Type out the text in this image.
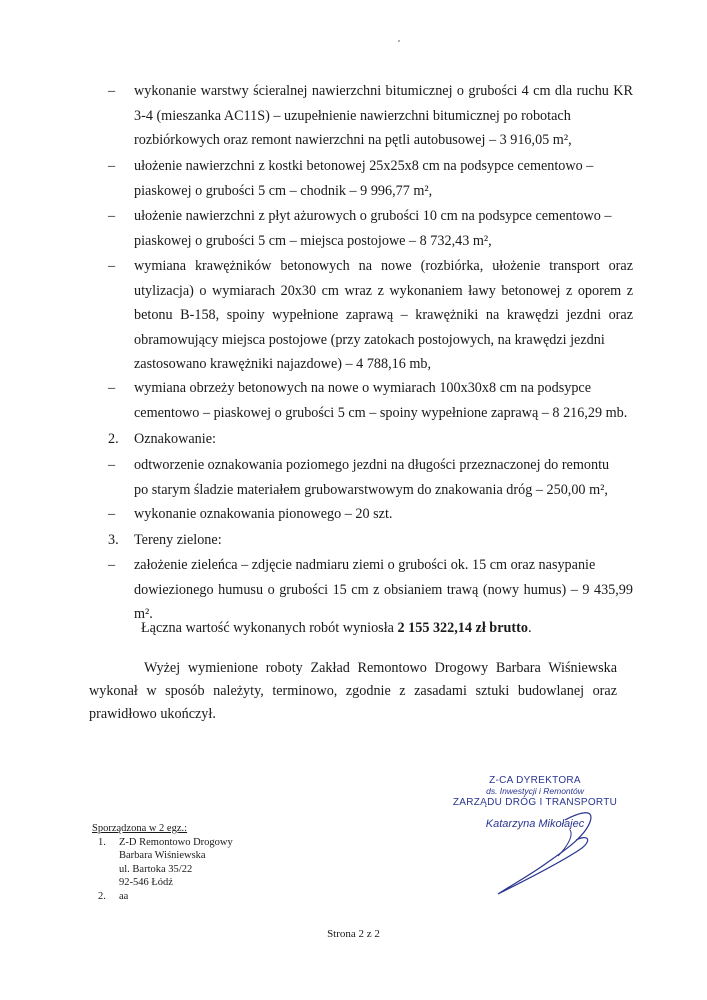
– wykonanie warstwy ścieralnej nawierzchni bitumicznej o grubości 4 cm dla ruchu KR 3-4 (mieszanka AC11S) – uzupełnienie nawierzchni bitumicznej po robotach
rozbiórkowych oraz remont nawierzchni na pętli autobusowej – 3 916,05 m²,
– ułożenie nawierzchni z kostki betonowej 25x25x8 cm na podsypce cementowo –
piaskowej o grubości 5 cm – chodnik – 9 996,77 m²,
– ułożenie nawierzchni z płyt ażurowych o grubości 10 cm na podsypce cementowo –
piaskowej o grubości 5 cm – miejsca postojowe – 8 732,43 m²,
– wymiana krawężników betonowych na nowe (rozbiórka, ułożenie transport oraz utylizacja) o wymiarach 20x30 cm wraz z wykonaniem ławy betonowej z oporem z betonu B-158, spoiny wypełnione zaprawą – krawężniki na krawędzi jezdni oraz obramowujący miejsca postojowe (przy zatokach postojowych, na krawędzi jezdni
zastosowano krawężniki najazdowe) – 4 788,16 mb,
– wymiana obrzeży betonowych na nowe o wymiarach 100x30x8 cm na podsypce
cementowo – piaskowej o grubości 5 cm – spoiny wypełnione zaprawą – 8 216,29 mb.
2. Oznakowanie:
– odtworzenie oznakowania poziomego jezdni na długości przeznaczonej do remontu
po starym śladzie materiałem grubowarstwowym do znakowania dróg – 250,00 m²,
– wykonanie oznakowania pionowego – 20 szt.
3. Tereny zielone:
– założenie zieleńca – zdjęcie nadmiaru ziemi o grubości ok. 15 cm oraz nasypanie
dowiezionego humusu o grubości 15 cm z obsianiem trawą (nowy humus) – 9 435,99 m².
Łączna wartość wykonanych robót wyniosła 2 155 322,14 zł brutto.
Wyżej wymienione roboty Zakład Remontowo Drogowy Barbara Wiśniewska wykonał w sposób należyty, terminowo, zgodnie z zasadami sztuki budowlanej oraz prawidłowo ukończył.
Z-CA DYREKTORA
ds. Inwestycji i Remontów
ZARZĄDU DRÓG I TRANSPORTU
Katarzyna Mikołajec
Sporządzona w 2 egz.:
1. Z-D Remontowo Drogowy
Barbara Wiśniewska
ul. Bartoka 35/22
92-546 Łódź
2. aa
Strona 2 z 2
